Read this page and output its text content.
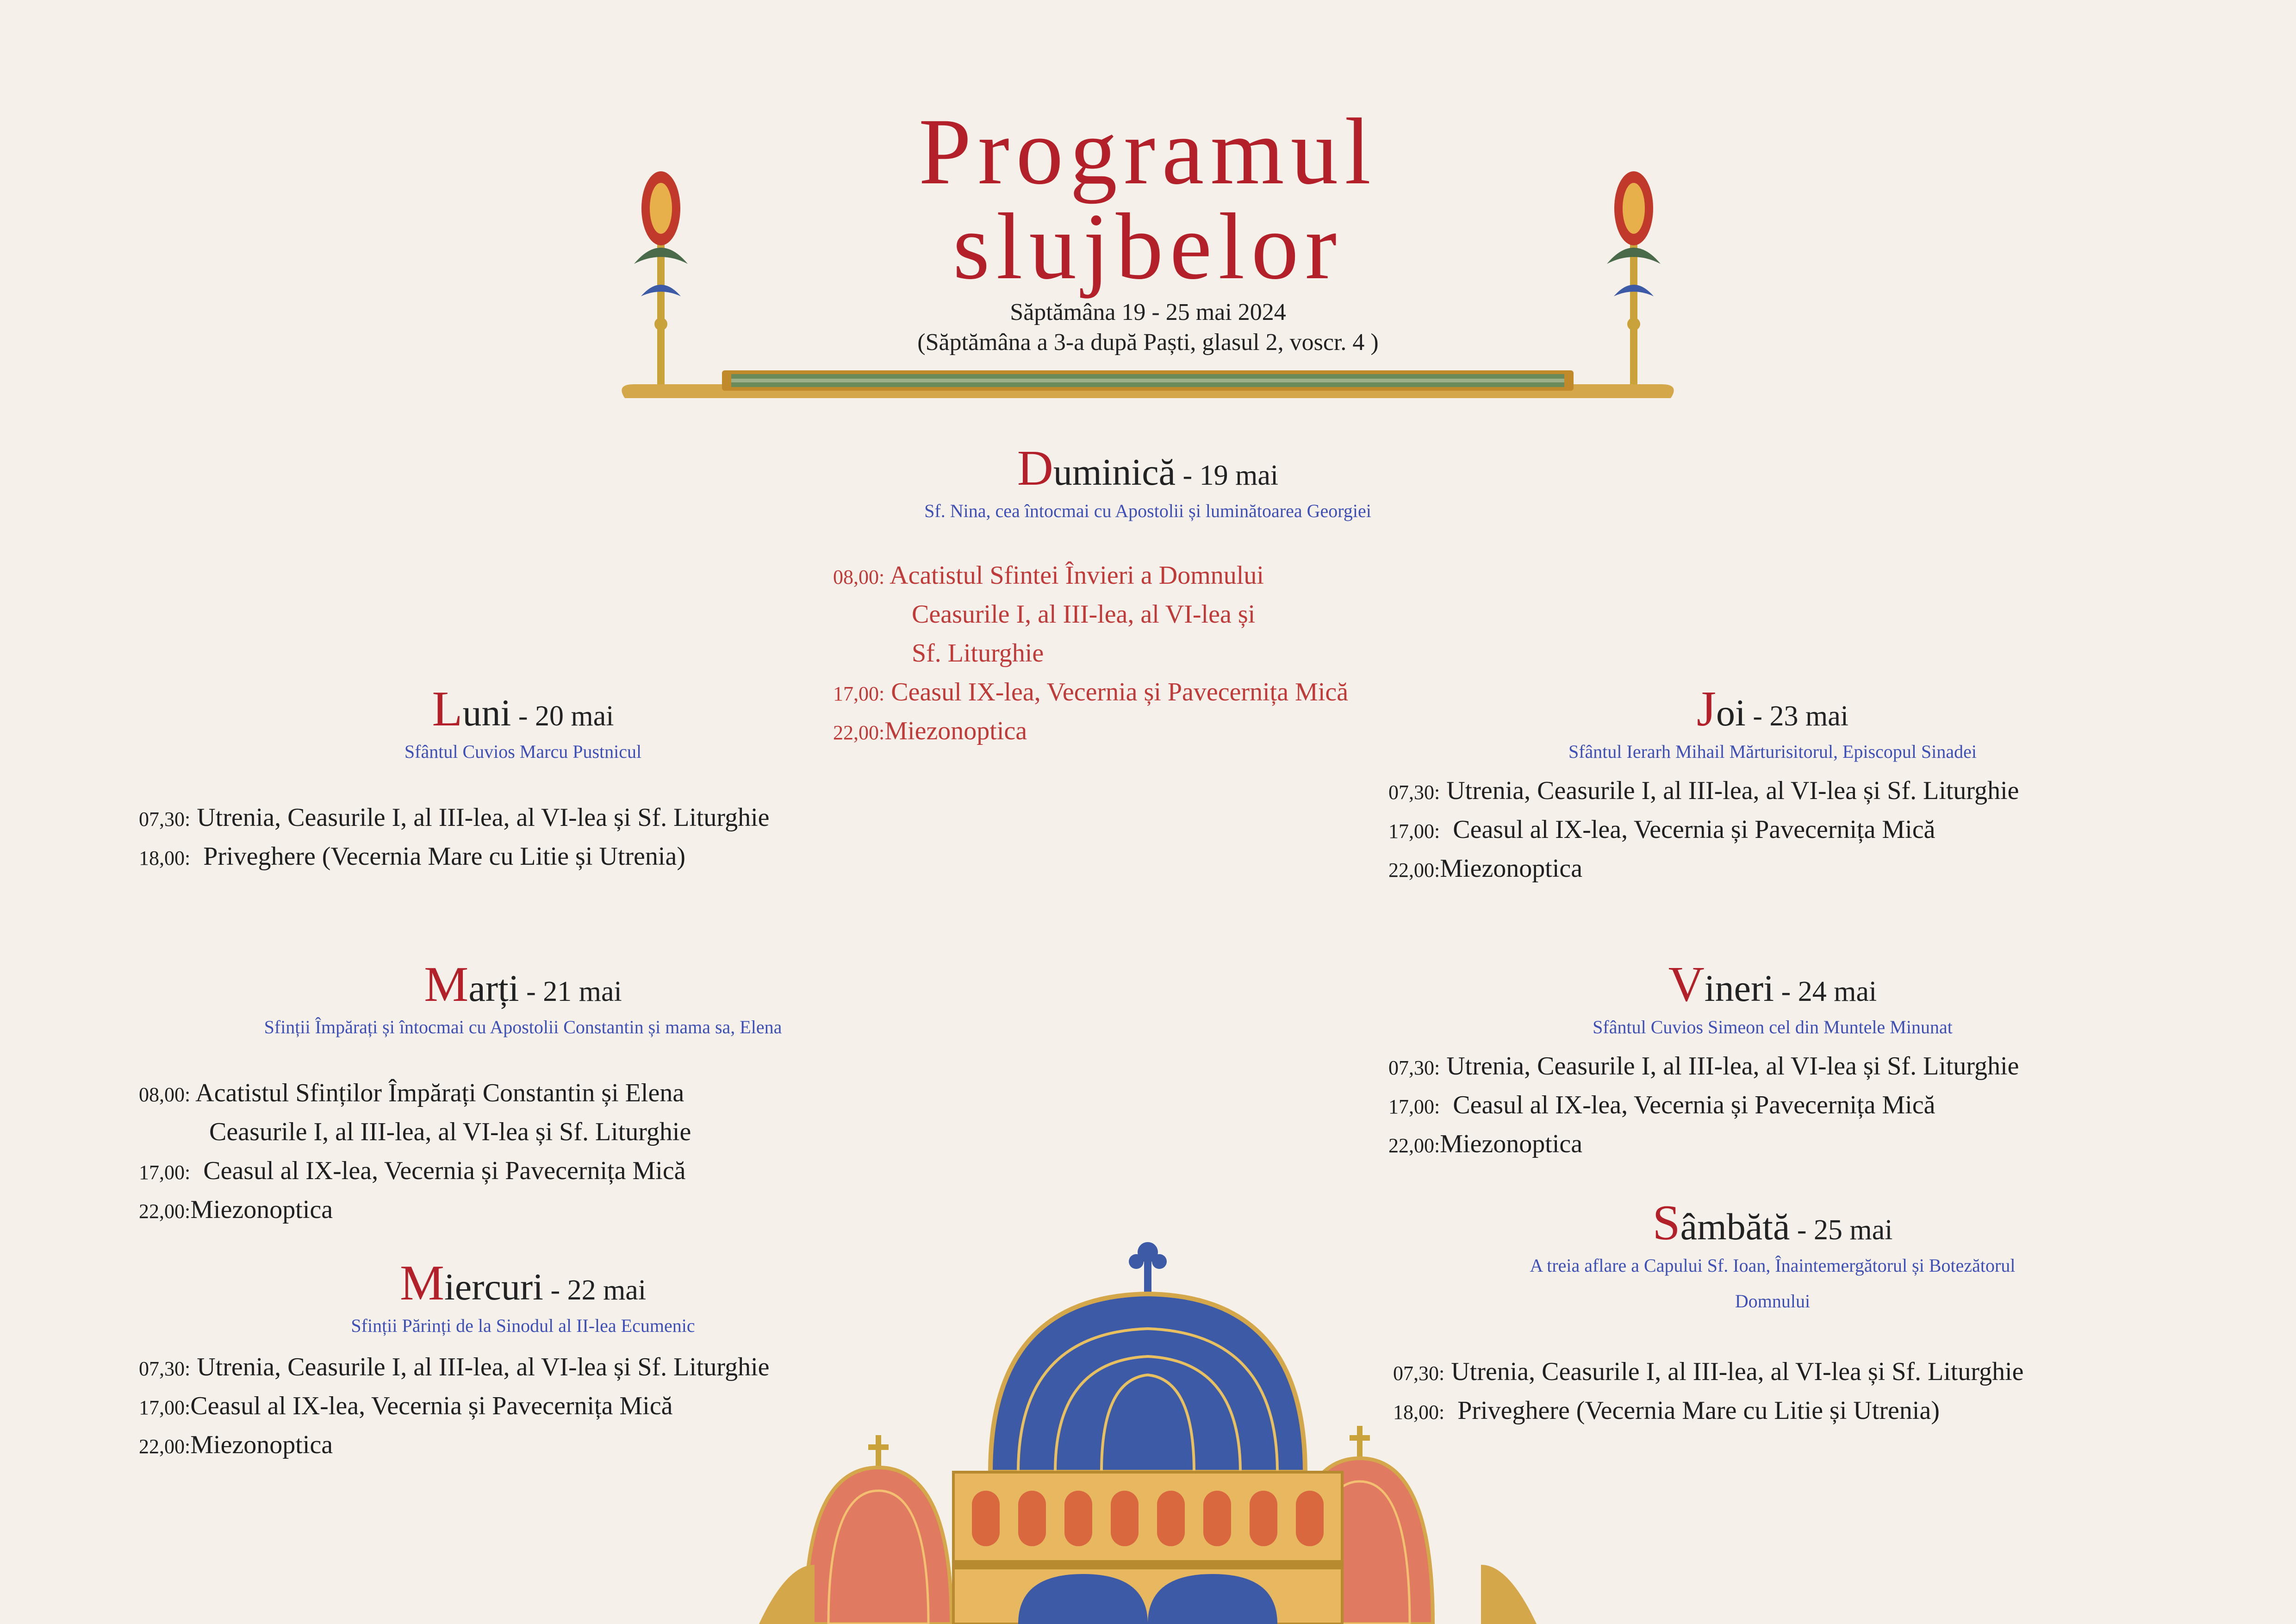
Programul
slujbelor
Săptămâna 19 - 25 mai 2024
(Săptămâna a 3-a după Paști, glasul 2, voscr. 4 )
Duminică - 19 mai
Sf. Nina, cea întocmai cu Apostolii și luminătoarea Georgiei
08,00: Acatistul Sfintei Învieri a Domnului
Ceasurile I, al III-lea, al VI-lea și
Sf. Liturghie
17,00: Ceasul IX-lea, Vecernia și Pavecernița Mică
22,00:Miezonoptica
Luni - 20 mai
Sfântul Cuvios Marcu Pustnicul
07,30: Utrenia, Ceasurile I, al III-lea, al VI-lea și Sf. Liturghie
18,00: Priveghere (Vecernia Mare cu Litie și Utrenia)
Marți - 21 mai
Sfinții Împărați și întocmai cu Apostolii Constantin și mama sa, Elena
08,00: Acatistul Sfinților Împărați Constantin și Elena
Ceasurile I, al III-lea, al VI-lea și Sf. Liturghie
17,00: Ceasul al IX-lea, Vecernia și Pavecernița Mică
22,00:Miezonoptica
Miercuri - 22 mai
Sfinții Părinți de la Sinodul al II-lea Ecumenic
07,30: Utrenia, Ceasurile I, al III-lea, al VI-lea și Sf. Liturghie
17,00:Ceasul al IX-lea, Vecernia și Pavecernița Mică
22,00:Miezonoptica
Joi - 23 mai
Sfântul Ierarh Mihail Mărturisitorul, Episcopul Sinadei
07,30: Utrenia, Ceasurile I, al III-lea, al VI-lea și Sf. Liturghie
17,00: Ceasul al IX-lea, Vecernia și Pavecernița Mică
22,00:Miezonoptica
Vineri - 24 mai
Sfântul Cuvios Simeon cel din Muntele Minunat
07,30: Utrenia, Ceasurile I, al III-lea, al VI-lea și Sf. Liturghie
17,00: Ceasul al IX-lea, Vecernia și Pavecernița Mică
22,00:Miezonoptica
Sâmbătă - 25 mai
A treia aflare a Capului Sf. Ioan, Înaintemergătorul și Botezătorul
Domnului
07,30: Utrenia, Ceasurile I, al III-lea, al VI-lea și Sf. Liturghie
18,00: Priveghere (Vecernia Mare cu Litie și Utrenia)
